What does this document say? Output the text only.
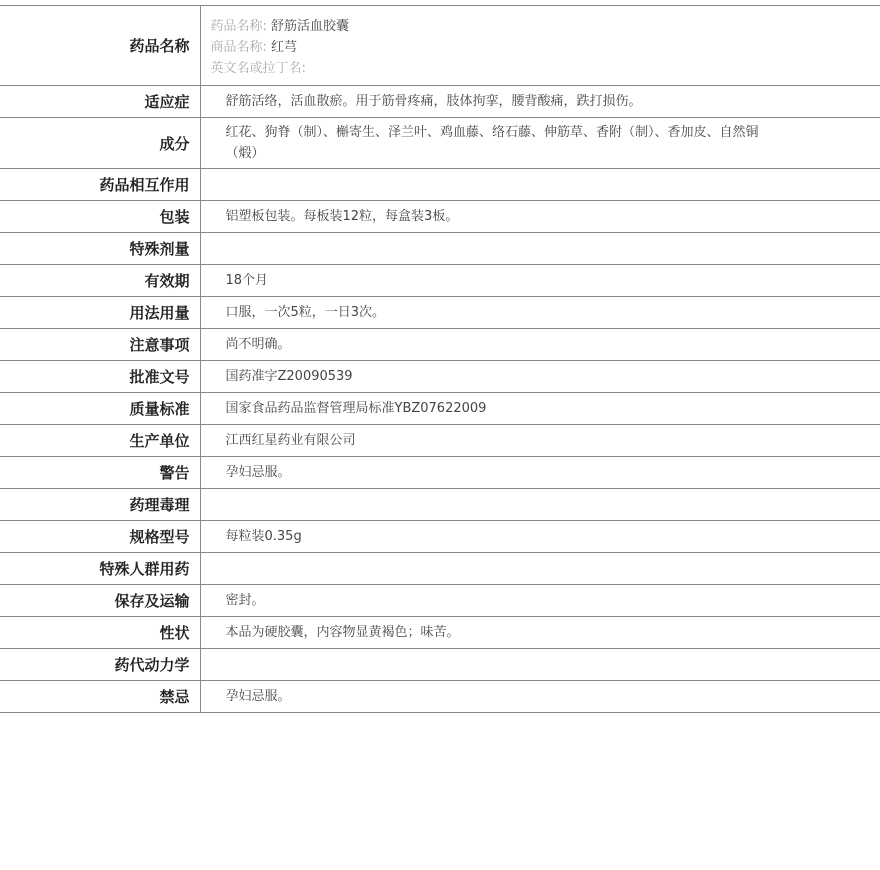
药品名称	药品名称: 舒筋活血胶囊
商品名称: 红芎
英文名或拉丁名:

适应症	舒筋活络，活血散瘀。用于筋骨疼痛，肢体拘挛，腰背酸痛，跌打损伤。
成分	红花、狗脊（制）、槲寄生、泽兰叶、鸡血藤、络石藤、伸筋草、香附（制）、香加皮、自然铜（煅）
药品相互作用	
包装	铝塑板包装。每板装12粒，每盒装3板。
特殊剂量	
有效期	18个月
用法用量	口服，一次5粒，一日3次。
注意事项	尚不明确。
批准文号	国药准字Z20090539
质量标准	国家食品药品监督管理局标准YBZ07622009
生产单位	江西红星药业有限公司
警告	孕妇忌服。
药理毒理	
规格型号	每粒装0.35g
特殊人群用药	
保存及运输	密封。
性状	本品为硬胶囊，内容物显黄褐色；味苦。
药代动力学	
禁忌	孕妇忌服。
